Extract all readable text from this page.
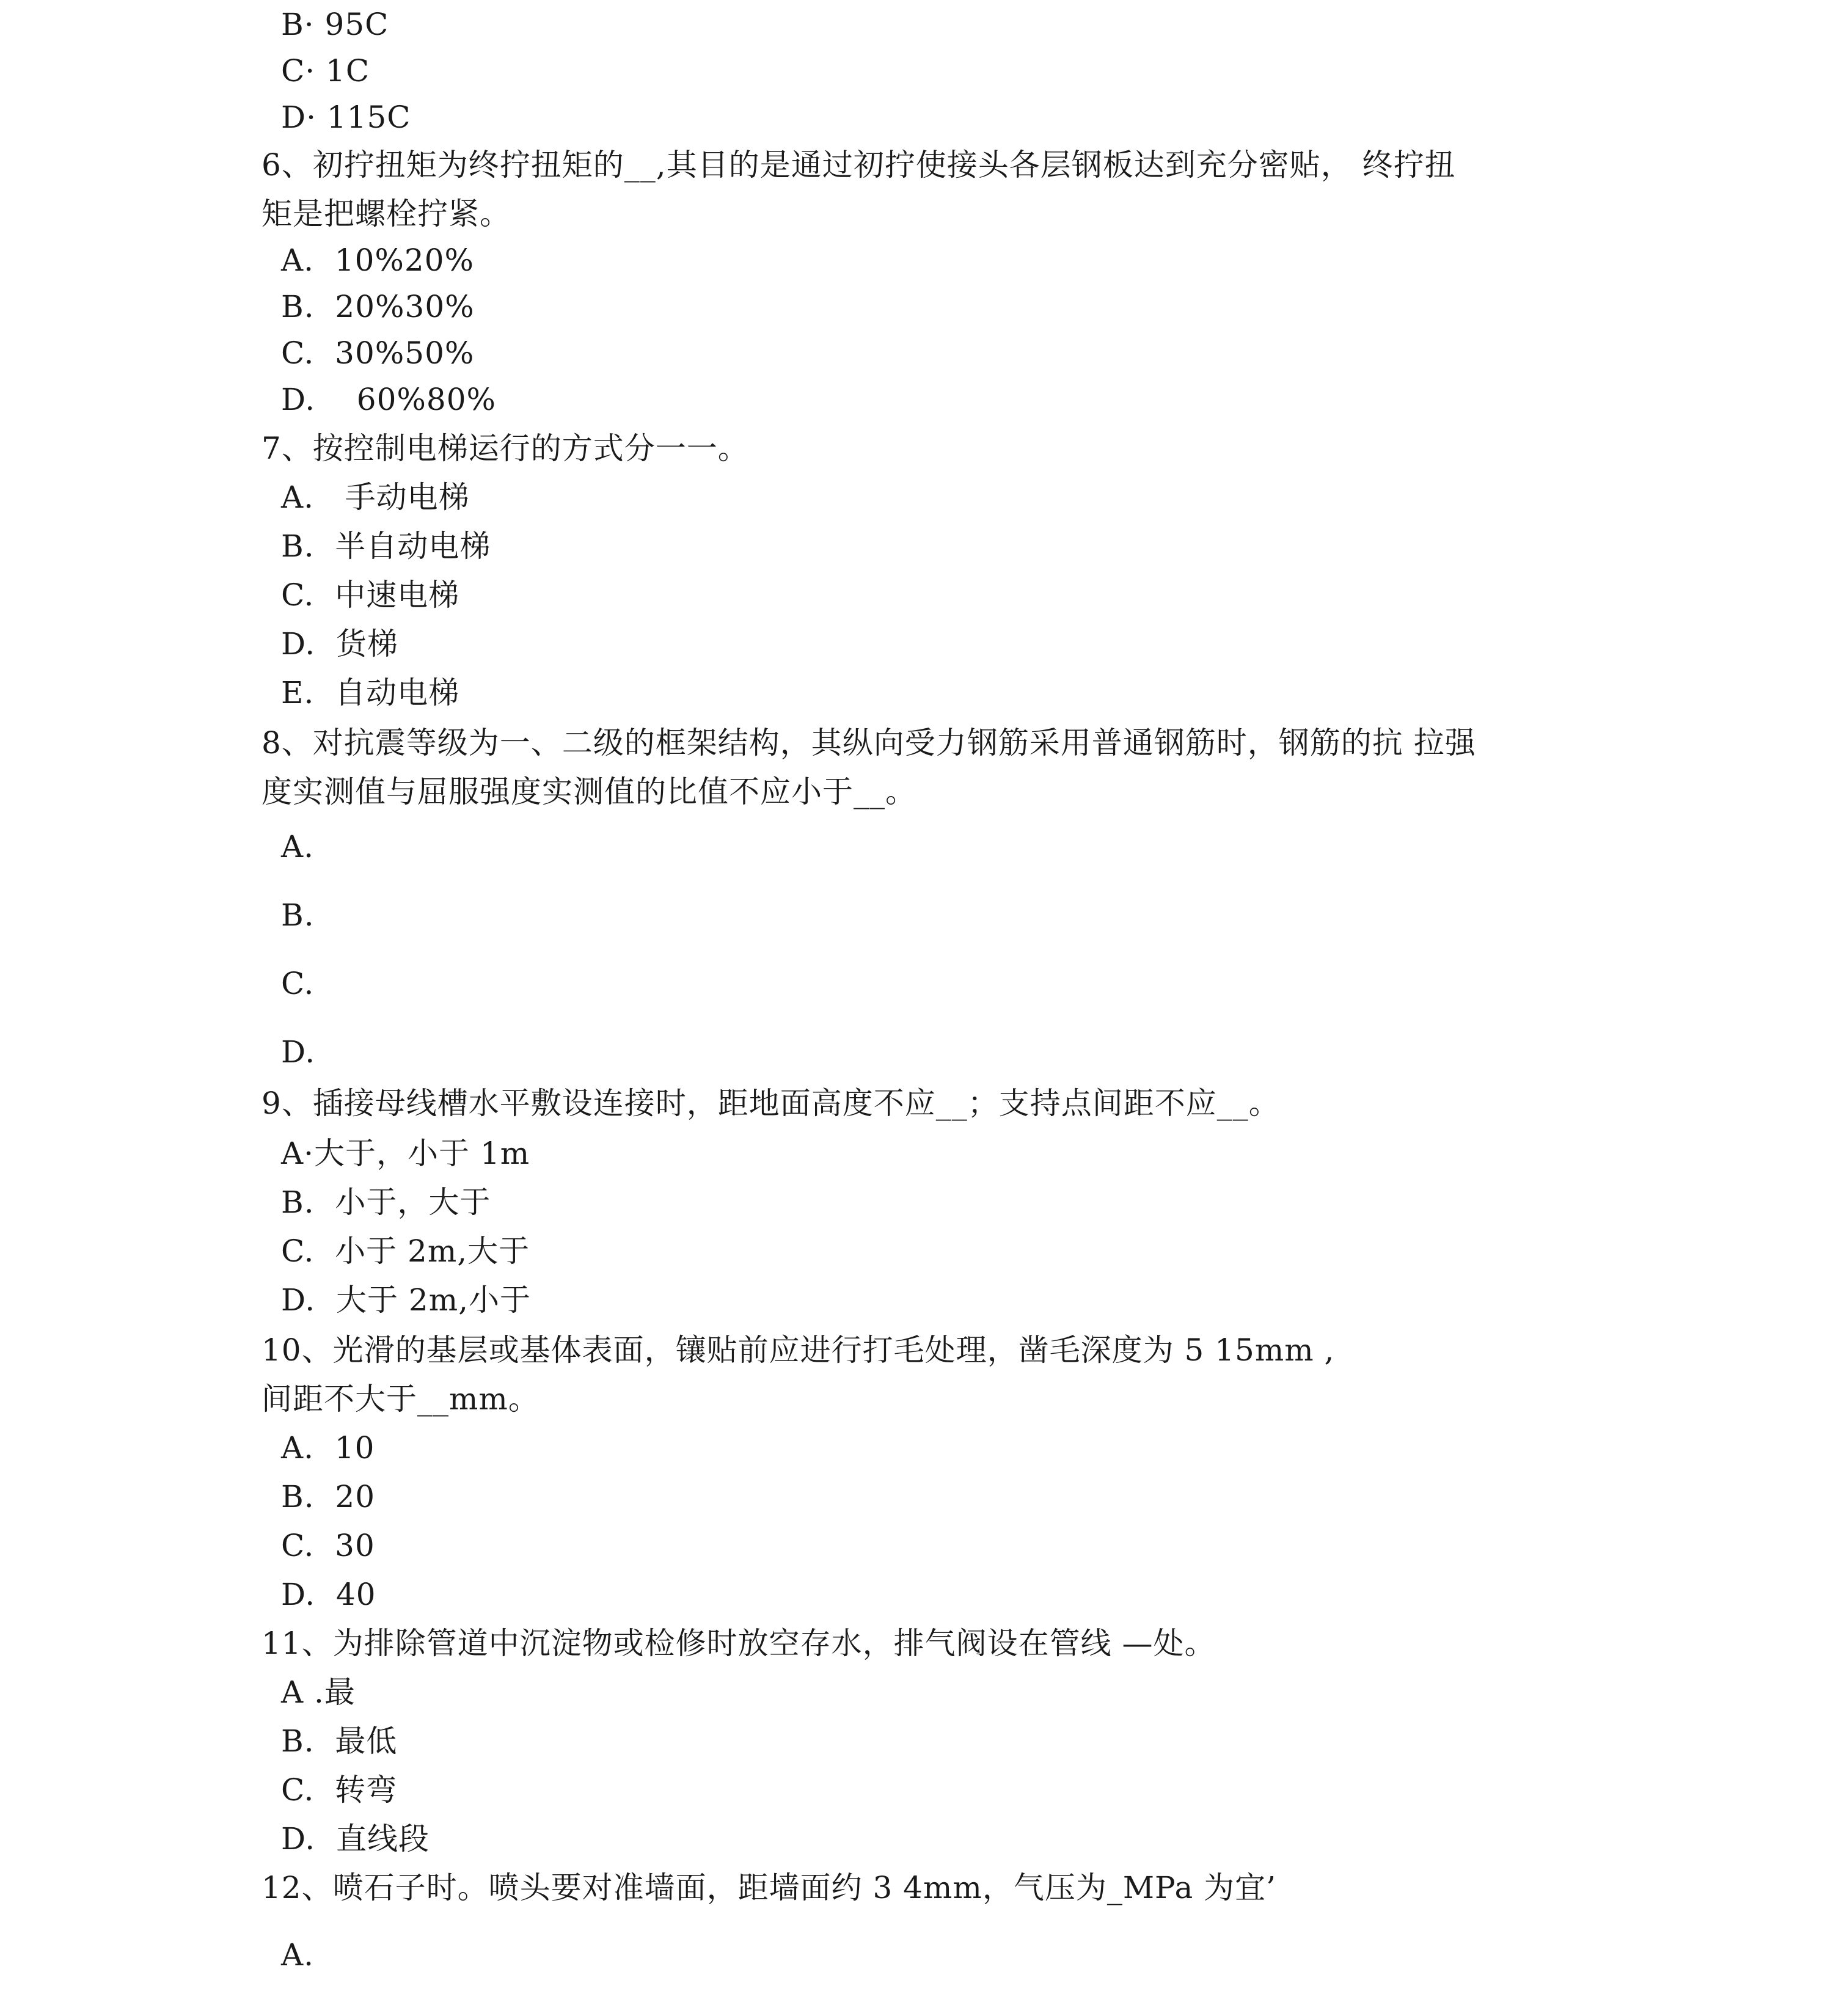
B· 95C
C· 1C
D· 115C
6、初拧扭矩为终拧扭矩的__,其目的是通过初拧使接头各层钢板达到充分密贴， 终拧扭
矩是把螺栓拧紧。
A.  10%20%
B.  20%30%
C.  30%50%
D.    60%80%
7、按控制电梯运行的方式分一一。
A.   手动电梯
B.  半自动电梯
C.  中速电梯
D.  货梯
E.  自动电梯
8、对抗震等级为一、二级的框架结构，其纵向受力钢筋采用普通钢筋时，钢筋的抗 拉强
度实测值与屈服强度实测值的比值不应小于__。
A.
B.
C.
D.
9、插接母线槽水平敷设连接时，距地面高度不应__；支持点间距不应__。
A·大于，小于 1m
B.  小于，大于
C.  小于 2m,大于
D.  大于 2m,小于
10、光滑的基层或基体表面，镶贴前应进行打毛处理，凿毛深度为 5 15mm ,
间距不大于__mm。
A.  10
B.  20
C.  30
D.  40
11、为排除管道中沉淀物或检修时放空存水，排气阀设在管线 —处。
A .最
B.  最低
C.  转弯
D.  直线段
12、喷石子时。喷头要对准墙面，距墙面约 3 4mm，气压为_MPa 为宜’
A.
